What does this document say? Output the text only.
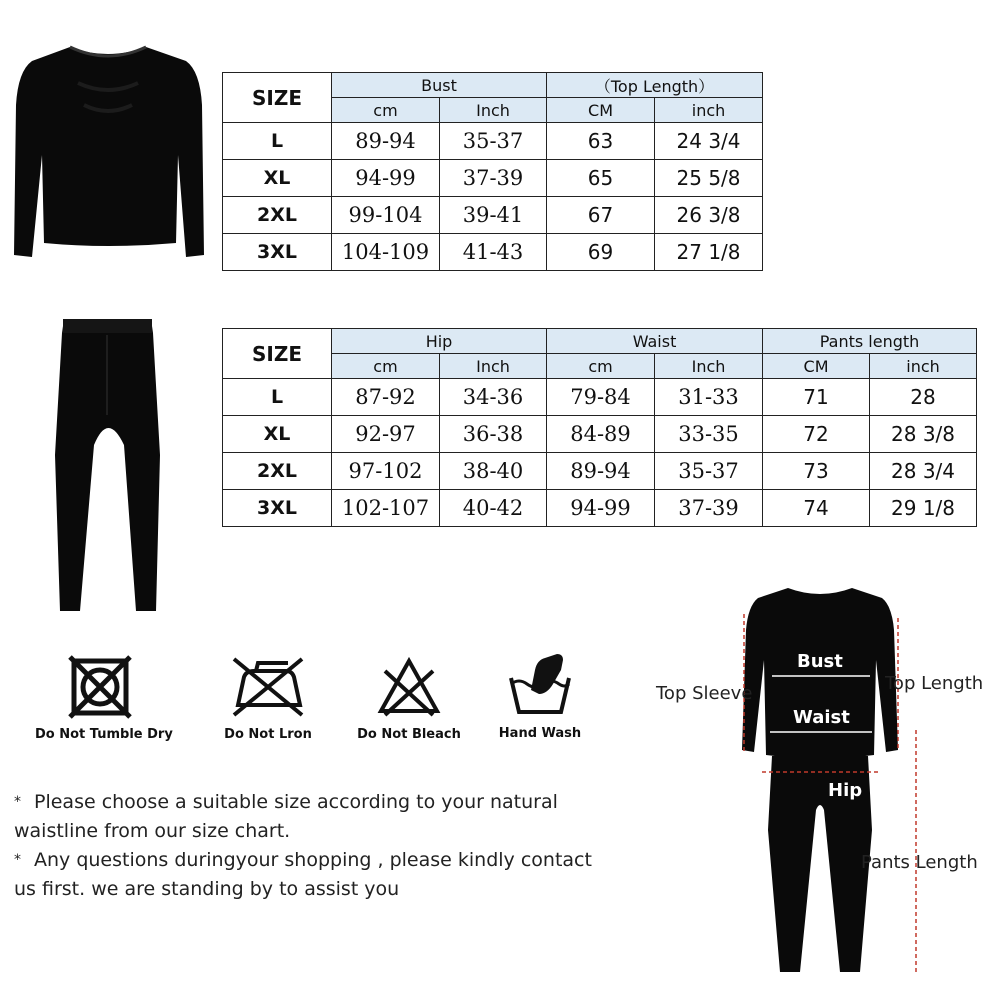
SIZE	Bust		（Top Length）	
	cm	Inch	CM	inch
L	89-94	35-37	63	24 3/4
XL	94-99	37-39	65	25 5/8
2XL	99-104	39-41	67	26 3/8
3XL	104-109	41-43	69	27 1/8
SIZE	Hip		Waist		Pants length	
	cm	Inch	cm	Inch	CM	inch
L	87-92	34-36	79-84	31-33	71	28
XL	92-97	36-38	84-89	33-35	72	28 3/8
2XL	97-102	38-40	89-94	35-37	73	28 3/4
3XL	102-107	40-42	94-99	37-39	74	29 1/8
Do Not Tumble Dry	Do Not Lron	Do Not Bleach	Hand Wash
* Please choose a suitable size according to your natural waistline from our size chart.
* Any questions duringyour shopping , please kindly contact us first. we are standing by to assist you
Top Sleeve
Bust
Top Length
Waist
Hip
Pants Length
